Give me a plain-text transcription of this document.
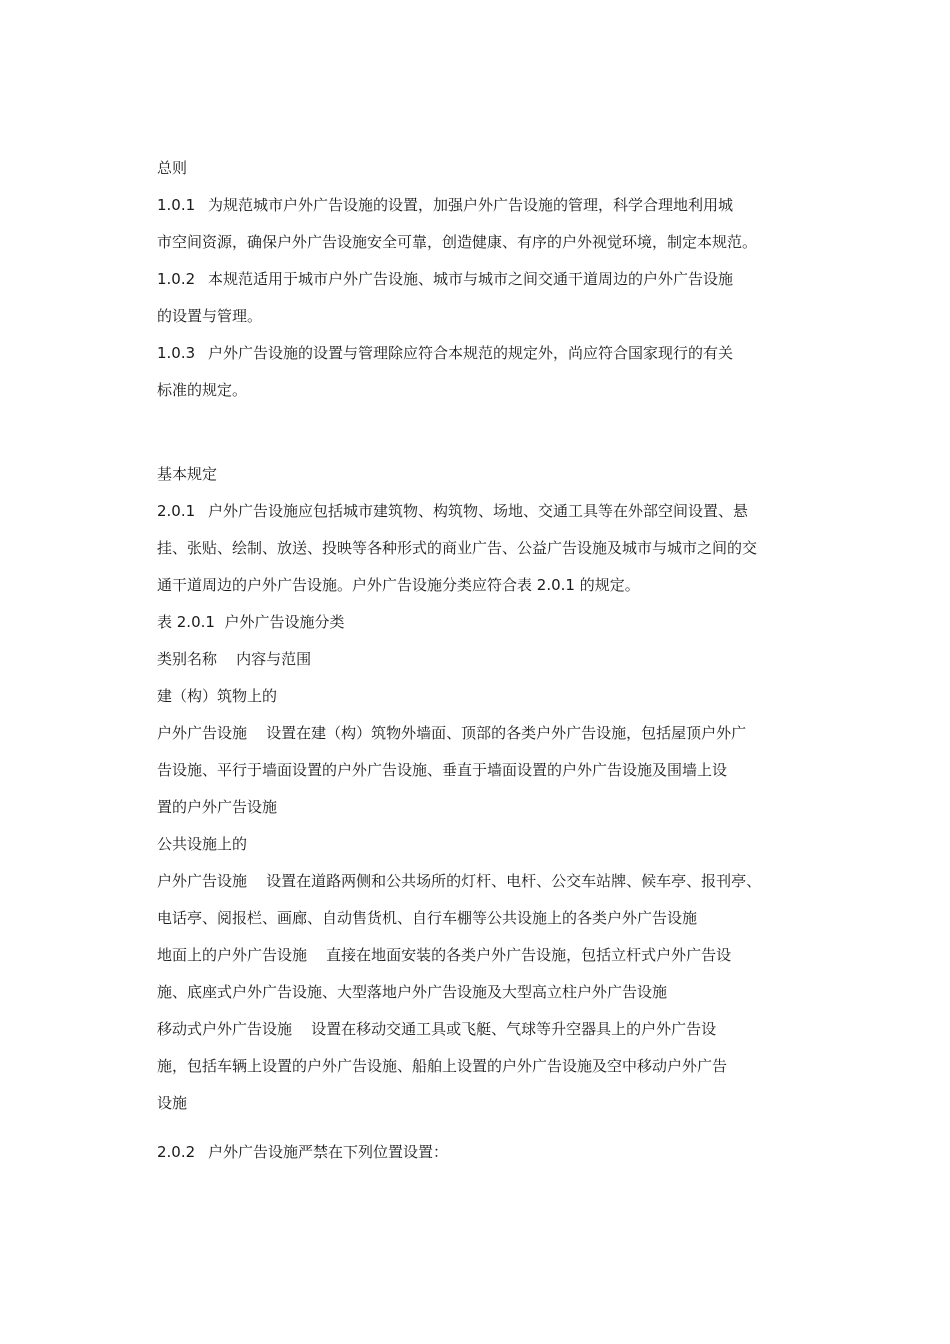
总则
1.0.1 为规范城市户外广告设施的设置，加强户外广告设施的管理，科学合理地利用城
市空间资源，确保户外广告设施安全可靠，创造健康、有序的户外视觉环境，制定本规范。
1.0.2 本规范适用于城市户外广告设施、城市与城市之间交通干道周边的户外广告设施
的设置与管理。
1.0.3 户外广告设施的设置与管理除应符合本规范的规定外，尚应符合国家现行的有关
标准的规定。
基本规定
2.0.1 户外广告设施应包括城市建筑物、构筑物、场地、交通工具等在外部空间设置、悬
挂、张贴、绘制、放送、投映等各种形式的商业广告、公益广告设施及城市与城市之间的交
通干道周边的户外广告设施。户外广告设施分类应符合表 2.0.1 的规定。
表 2.0.1  户外广告设施分类
类别名称    内容与范围
建（构）筑物上的
户外广告设施    设置在建（构）筑物外墙面、顶部的各类户外广告设施，包括屋顶户外广
告设施、平行于墙面设置的户外广告设施、垂直于墙面设置的户外广告设施及围墙上设
置的户外广告设施
公共设施上的
户外广告设施    设置在道路两侧和公共场所的灯杆、电杆、公交车站牌、候车亭、报刊亭、
电话亭、阅报栏、画廊、自动售货机、自行车棚等公共设施上的各类户外广告设施
地面上的户外广告设施    直接在地面安装的各类户外广告设施，包括立杆式户外广告设
施、底座式户外广告设施、大型落地户外广告设施及大型高立柱户外广告设施
移动式户外广告设施    设置在移动交通工具或飞艇、气球等升空器具上的户外广告设
施，包括车辆上设置的户外广告设施、船舶上设置的户外广告设施及空中移动户外广告
设施
2.0.2 户外广告设施严禁在下列位置设置：
